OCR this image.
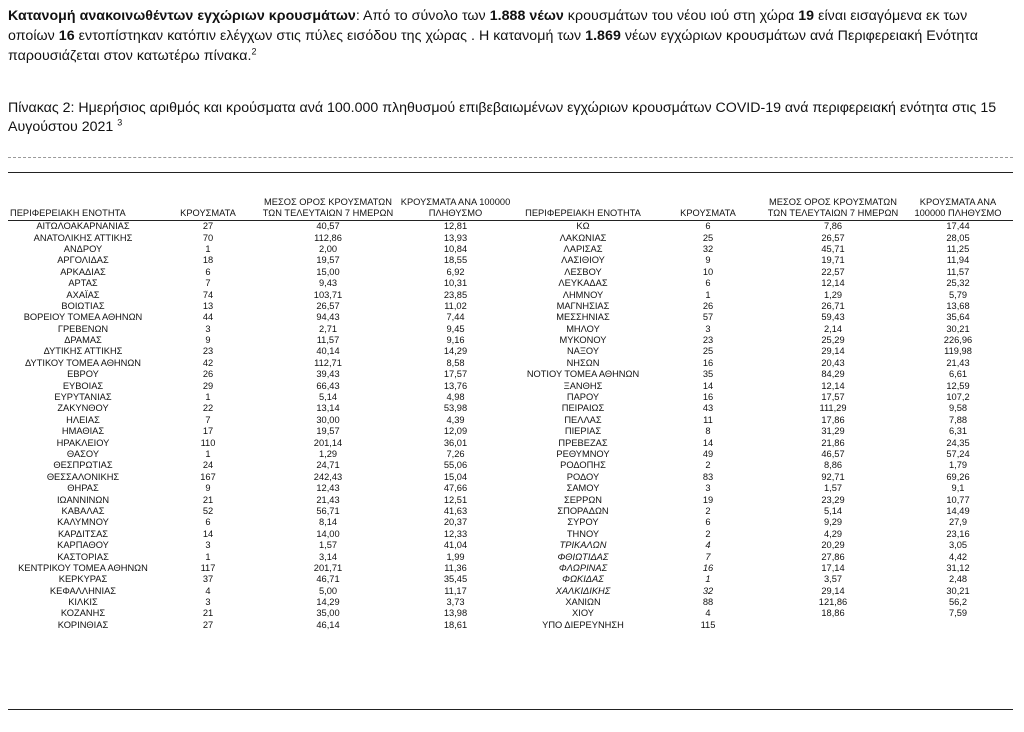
Κατανομή ανακοινωθέντων εγχώριων κρουσμάτων: Από το σύνολο των 1.888 νέων κρουσμάτων του νέου ιού στη χώρα 19 είναι εισαγόμενα εκ των οποίων 16 εντοπίστηκαν κατόπιν ελέγχων στις πύλες εισόδου της χώρας . Η κατανομή των 1.869 νέων εγχώριων κρουσμάτων ανά Περιφερειακή Ενότητα παρουσιάζεται στον κατωτέρω πίνακα.$^2$
Πίνακας 2: Ημερήσιος αριθμός και κρούσματα ανά 100.000 πληθυσμού επιβεβαιωμένων εγχώριων κρουσμάτων COVID-19 ανά περιφερειακή ενότητα στις 15 Αυγούστου 2021 $^3$
ΠΕΡΙΦΕΡΕΙΑΚΗ ΕΝΟΤΗΤΑ	ΚΡΟΥΣΜΑΤΑ	ΜΕΣΟΣ ΟΡΟΣ ΚΡΟΥΣΜΑΤΩΝ ΤΩΝ ΤΕΛΕΥΤΑΙΩΝ 7 ΗΜΕΡΩΝ	ΚΡΟΥΣΜΑΤΑ ΑΝΑ 100000 ΠΛΗΘΥΣΜΟ	ΠΕΡΙΦΕΡΕΙΑΚΗ ΕΝΟΤΗΤΑ	ΚΡΟΥΣΜΑΤΑ	ΜΕΣΟΣ ΟΡΟΣ ΚΡΟΥΣΜΑΤΩΝ ΤΩΝ ΤΕΛΕΥΤΑΙΩΝ 7 ΗΜΕΡΩΝ	ΚΡΟΥΣΜΑΤΑ ΑΝΑ 100000 ΠΛΗΘΥΣΜΟ
ΑΙΤΩΛΟΑΚΑΡΝΑΝΙΑΣ	27	40,57	12,81	ΚΩ	6	7,86	17,44
ΑΝΑΤΟΛΙΚΗΣ ΑΤΤΙΚΗΣ	70	112,86	13,93	ΛΑΚΩΝΙΑΣ	25	26,57	28,05
ΑΝΔΡΟΥ	1	2,00	10,84	ΛΑΡΙΣΑΣ	32	45,71	11,25
ΑΡΓΟΛΙΔΑΣ	18	19,57	18,55	ΛΑΣΙΘΙΟΥ	9	19,71	11,94
ΑΡΚΑΔΙΑΣ	6	15,00	6,92	ΛΕΣΒΟΥ	10	22,57	11,57
ΑΡΤΑΣ	7	9,43	10,31	ΛΕΥΚΑΔΑΣ	6	12,14	25,32
ΑΧΑΪΑΣ	74	103,71	23,85	ΛΗΜΝΟΥ	1	1,29	5,79
ΒΟΙΩΤΙΑΣ	13	26,57	11,02	ΜΑΓΝΗΣΙΑΣ	26	26,71	13,68
ΒΟΡΕΙΟΥ ΤΟΜΕΑ ΑΘΗΝΩΝ	44	94,43	7,44	ΜΕΣΣΗΝΙΑΣ	57	59,43	35,64
ΓΡΕΒΕΝΩΝ	3	2,71	9,45	ΜΗΛΟΥ	3	2,14	30,21
ΔΡΑΜΑΣ	9	11,57	9,16	ΜΥΚΟΝΟΥ	23	25,29	226,96
ΔΥΤΙΚΗΣ ΑΤΤΙΚΗΣ	23	40,14	14,29	ΝΑΞΟΥ	25	29,14	119,98
ΔΥΤΙΚΟΥ ΤΟΜΕΑ ΑΘΗΝΩΝ	42	112,71	8,58	ΝΗΣΩΝ	16	20,43	21,43
ΕΒΡΟΥ	26	39,43	17,57	ΝΟΤΙΟΥ ΤΟΜΕΑ ΑΘΗΝΩΝ	35	84,29	6,61
ΕΥΒΟΙΑΣ	29	66,43	13,76	ΞΑΝΘΗΣ	14	12,14	12,59
ΕΥΡΥΤΑΝΙΑΣ	1	5,14	4,98	ΠΑΡΟΥ	16	17,57	107,2
ΖΑΚΥΝΘΟΥ	22	13,14	53,98	ΠΕΙΡΑΙΩΣ	43	111,29	9,58
ΗΛΕΙΑΣ	7	30,00	4,39	ΠΕΛΛΑΣ	11	17,86	7,88
ΗΜΑΘΙΑΣ	17	19,57	12,09	ΠΙΕΡΙΑΣ	8	31,29	6,31
ΗΡΑΚΛΕΙΟΥ	110	201,14	36,01	ΠΡΕΒΕΖΑΣ	14	21,86	24,35
ΘΑΣΟΥ	1	1,29	7,26	ΡΕΘΥΜΝΟΥ	49	46,57	57,24
ΘΕΣΠΡΩΤΙΑΣ	24	24,71	55,06	ΡΟΔΟΠΗΣ	2	8,86	1,79
ΘΕΣΣΑΛΟΝΙΚΗΣ	167	242,43	15,04	ΡΟΔΟΥ	83	92,71	69,26
ΘΗΡΑΣ	9	12,43	47,66	ΣΑΜΟΥ	3	1,57	9,1
ΙΩΑΝΝΙΝΩΝ	21	21,43	12,51	ΣΕΡΡΩΝ	19	23,29	10,77
ΚΑΒΑΛΑΣ	52	56,71	41,63	ΣΠΟΡΑΔΩΝ	2	5,14	14,49
ΚΑΛΥΜΝΟΥ	6	8,14	20,37	ΣΥΡΟΥ	6	9,29	27,9
ΚΑΡΔΙΤΣΑΣ	14	14,00	12,33	ΤΗΝΟΥ	2	4,29	23,16
ΚΑΡΠΑΘΟΥ	3	1,57	41,04	ΤΡΙΚΑΛΩΝ	4	20,29	3,05
ΚΑΣΤΟΡΙΑΣ	1	3,14	1,99	ΦΘΙΩΤΙΔΑΣ	7	27,86	4,42
ΚΕΝΤΡΙΚΟΥ ΤΟΜΕΑ ΑΘΗΝΩΝ	117	201,71	11,36	ΦΛΩΡΙΝΑΣ	16	17,14	31,12
ΚΕΡΚΥΡΑΣ	37	46,71	35,45	ΦΩΚΙΔΑΣ	1	3,57	2,48
ΚΕΦΑΛΛΗΝΙΑΣ	4	5,00	11,17	ΧΑΛΚΙΔΙΚΗΣ	32	29,14	30,21
ΚΙΛΚΙΣ	3	14,29	3,73	ΧΑΝΙΩΝ	88	121,86	56,2
ΚΟΖΑΝΗΣ	21	35,00	13,98	ΧΙΟΥ	4	18,86	7,59
ΚΟΡΙΝΘΙΑΣ	27	46,14	18,61	ΥΠΟ ΔΙΕΡΕΥΝΗΣΗ	115		
